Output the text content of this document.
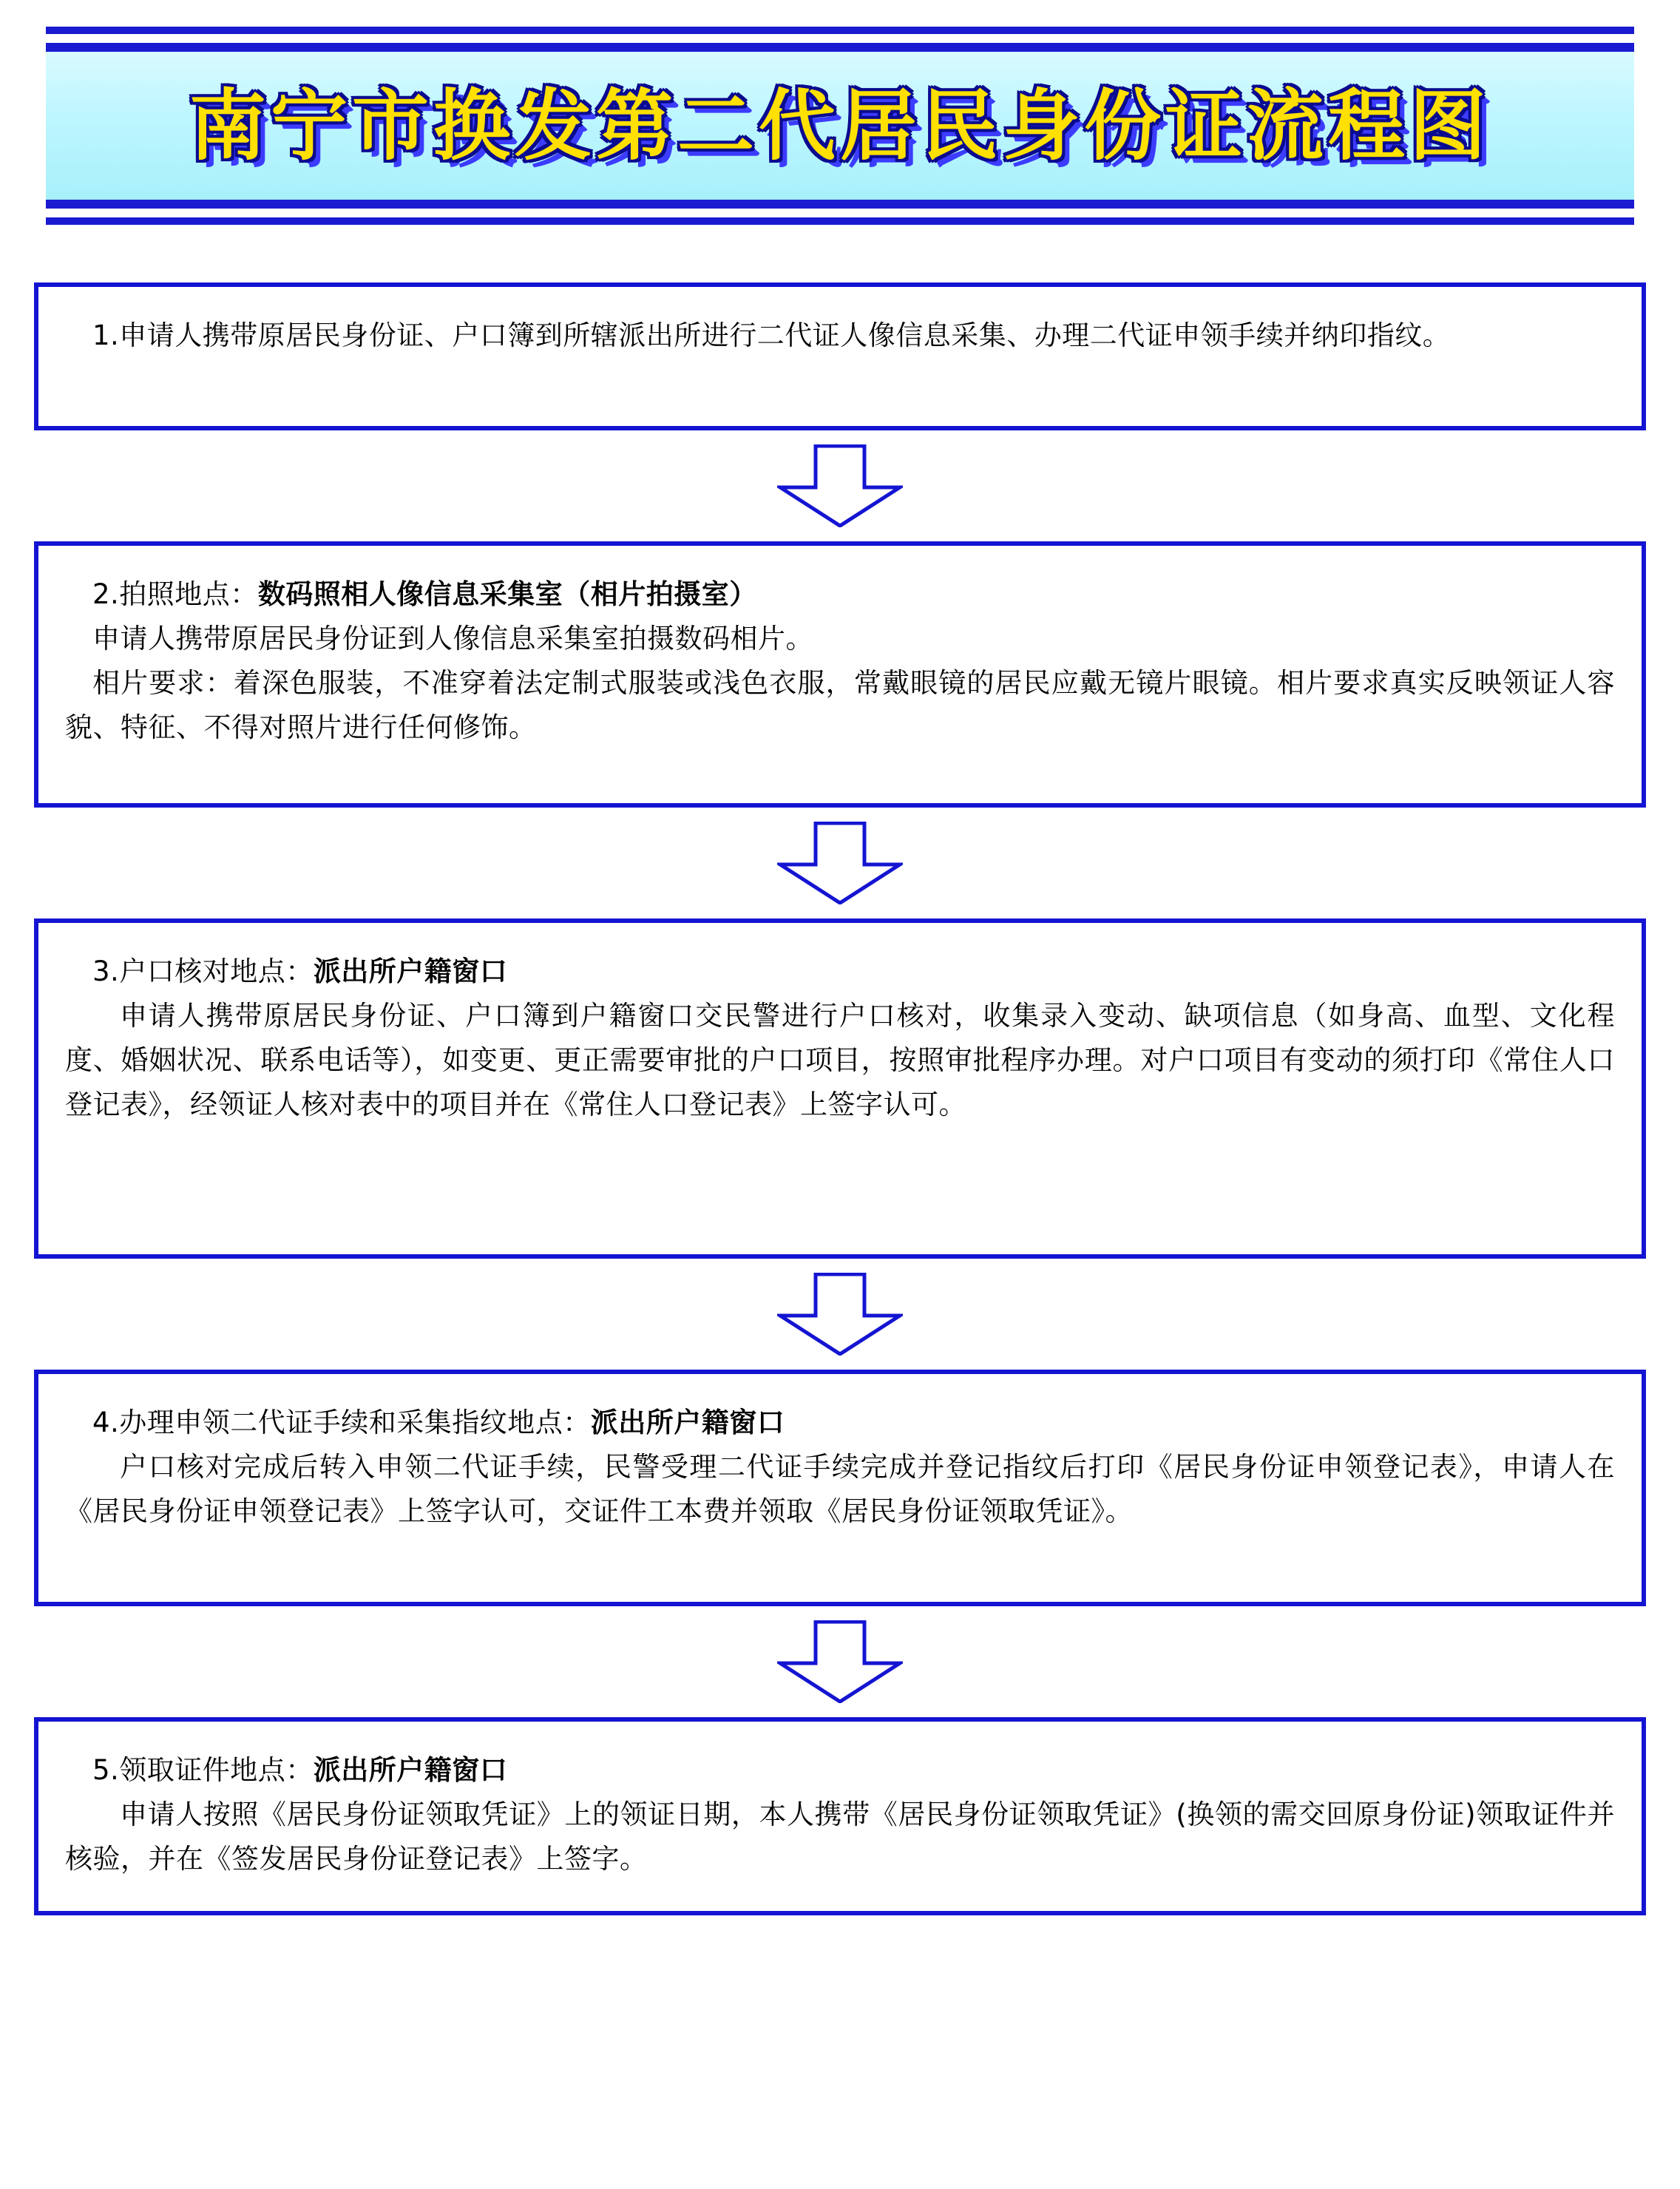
南宁市换发第二代居民身份证流程图

1.申请人携带原居民身份证、户口簿到所辖派出所进行二代证人像信息采集、办理二代证申领手续并纳印指纹。

2.拍照地点：数码照相人像信息采集室（相片拍摄室）

申请人携带原居民身份证到人像信息采集室拍摄数码相片。

相片要求：着深色服装，不准穿着法定制式服装或浅色衣服，常戴眼镜的居民应戴无镜片眼镜。相片要求真实反映领证人容貌、特征、不得对照片进行任何修饰。

3.户口核对地点：派出所户籍窗口

申请人携带原居民身份证、户口簿到户籍窗口交民警进行户口核对，收集录入变动、缺项信息（如身高、血型、文化程度、婚姻状况、联系电话等），如变更、更正需要审批的户口项目，按照审批程序办理。对户口项目有变动的须打印《常住人口登记表》，经领证人核对表中的项目并在《常住人口登记表》上签字认可。

4.办理申领二代证手续和采集指纹地点：派出所户籍窗口

户口核对完成后转入申领二代证手续，民警受理二代证手续完成并登记指纹后打印《居民身份证申领登记表》，申请人在《居民身份证申领登记表》上签字认可，交证件工本费并领取《居民身份证领取凭证》。

5.领取证件地点：派出所户籍窗口

申请人按照《居民身份证领取凭证》上的领证日期，本人携带《居民身份证领取凭证》(换领的需交回原身份证)领取证件并核验，并在《签发居民身份证登记表》上签字。
